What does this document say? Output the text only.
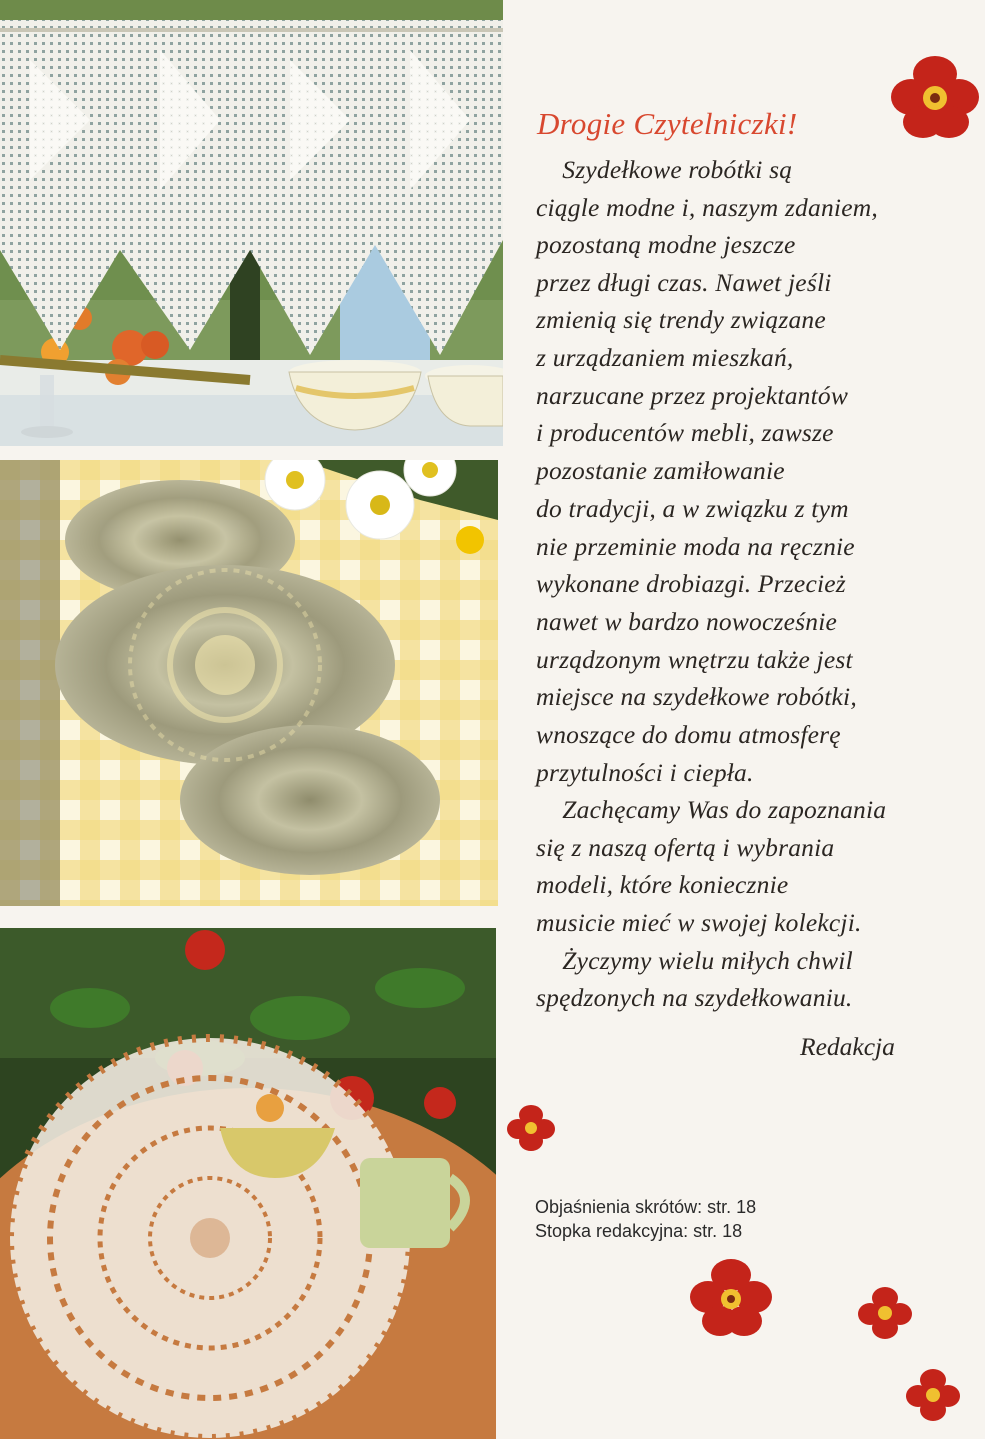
Drogie Czytelniczki!
Szydełkowe robótki są
ciągle modne i, naszym zdaniem,
pozostaną modne jeszcze
przez długi czas. Nawet jeśli
zmienią się trendy związane
z urządzaniem mieszkań,
narzucane przez projektantów
i producentów mebli, zawsze
pozostanie zamiłowanie
do tradycji, a w związku z tym
nie przeminie moda na ręcznie
wykonane drobiazgi. Przecież
nawet w bardzo nowocześnie
urządzonym wnętrzu także jest
miejsce na szydełkowe robótki,
wnoszące do domu atmosferę
przytulności i ciepła.
Zachęcamy Was do zapoznania
się z naszą ofertą i wybrania
modeli, które koniecznie
musicie mieć w swojej kolekcji.
Życzymy wielu miłych chwil
spędzonych na szydełkowaniu.
Redakcja
Objaśnienia skrótów: str. 18
Stopka redakcyjna: str. 18
